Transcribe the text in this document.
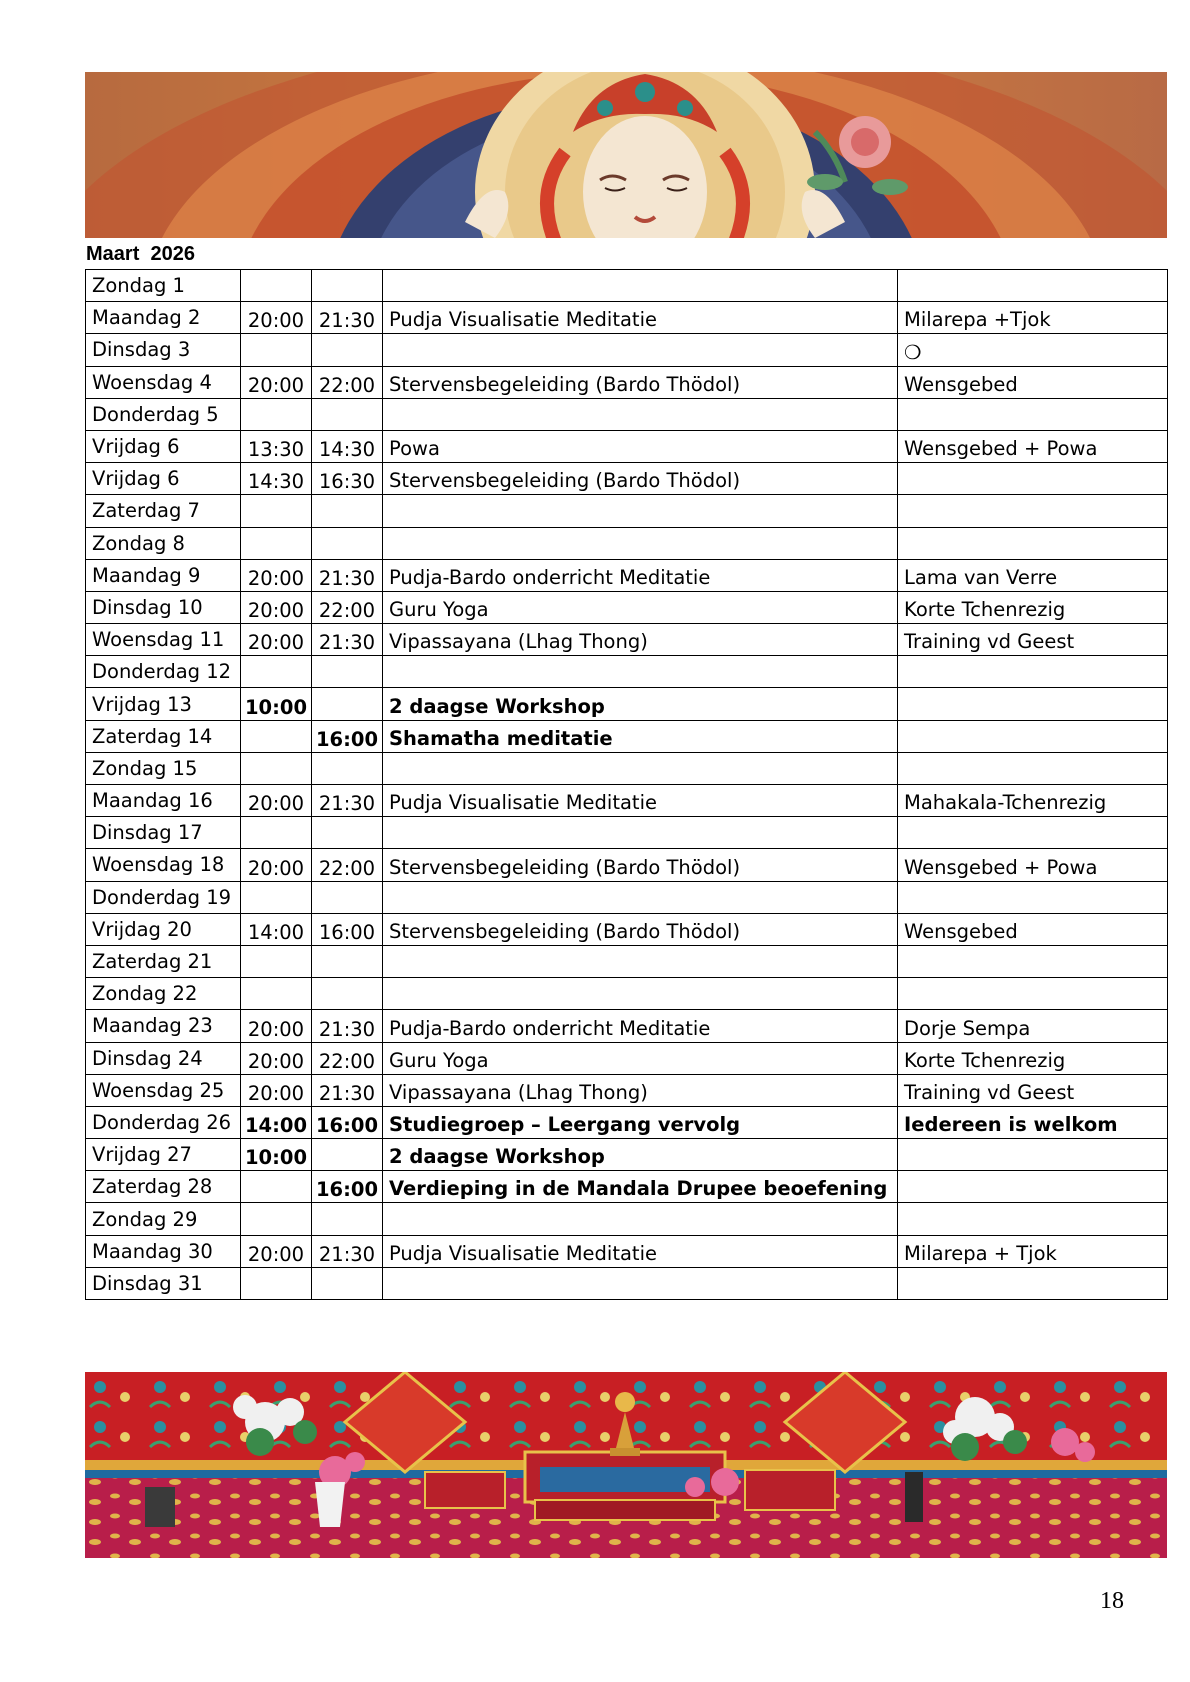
Maart  2026
Zondag 1				
Maandag 2	20:00	21:30	Pudja Visualisatie Meditatie	Milarepa +Tjok
Dinsdag 3				❍
Woensdag 4	20:00	22:00	Stervensbegeleiding (Bardo Thödol)	Wensgebed
Donderdag 5				
Vrijdag 6	13:30	14:30	Powa	Wensgebed + Powa
Vrijdag 6	14:30	16:30	Stervensbegeleiding (Bardo Thödol)	
Zaterdag 7				
Zondag 8				
Maandag 9	20:00	21:30	Pudja-Bardo onderricht Meditatie	Lama van Verre
Dinsdag 10	20:00	22:00	Guru Yoga	Korte Tchenrezig
Woensdag 11	20:00	21:30	Vipassayana (Lhag Thong)	Training vd Geest
Donderdag 12				
Vrijdag 13	10:00		2 daagse Workshop	
Zaterdag 14		16:00	Shamatha meditatie	
Zondag 15				
Maandag 16	20:00	21:30	Pudja Visualisatie Meditatie	Mahakala-Tchenrezig
Dinsdag 17				
Woensdag 18	20:00	22:00	Stervensbegeleiding (Bardo Thödol)	Wensgebed + Powa
Donderdag 19				
Vrijdag 20	14:00	16:00	Stervensbegeleiding (Bardo Thödol)	Wensgebed
Zaterdag 21				
Zondag 22				
Maandag 23	20:00	21:30	Pudja-Bardo onderricht Meditatie	Dorje Sempa
Dinsdag 24	20:00	22:00	Guru Yoga	Korte Tchenrezig
Woensdag 25	20:00	21:30	Vipassayana (Lhag Thong)	Training vd Geest
Donderdag 26	14:00	16:00	Studiegroep – Leergang vervolg	Iedereen is welkom
Vrijdag 27	10:00		2 daagse Workshop	
Zaterdag 28		16:00	Verdieping in de Mandala Drupee beoefening	
Zondag 29				
Maandag 30	20:00	21:30	Pudja Visualisatie Meditatie	Milarepa + Tjok
Dinsdag 31				
18
